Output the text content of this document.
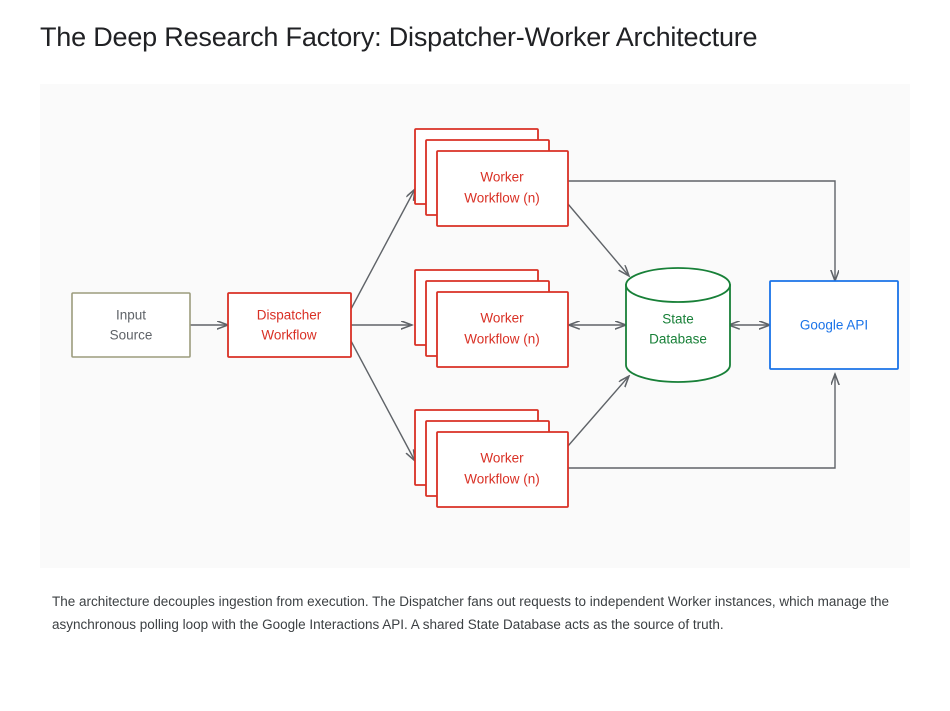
The Deep Research Factory: Dispatcher-Worker Architecture
Input
Source
Dispatcher
Workflow
Worker
Workflow (n)
Worker
Workflow (n)
Worker
Workflow (n)
State
Database
Google API
The architecture decouples ingestion from execution. The Dispatcher fans out requests to independent Worker instances, which manage the asynchronous polling loop with the Google Interactions API. A shared State Database acts as the source of truth.
